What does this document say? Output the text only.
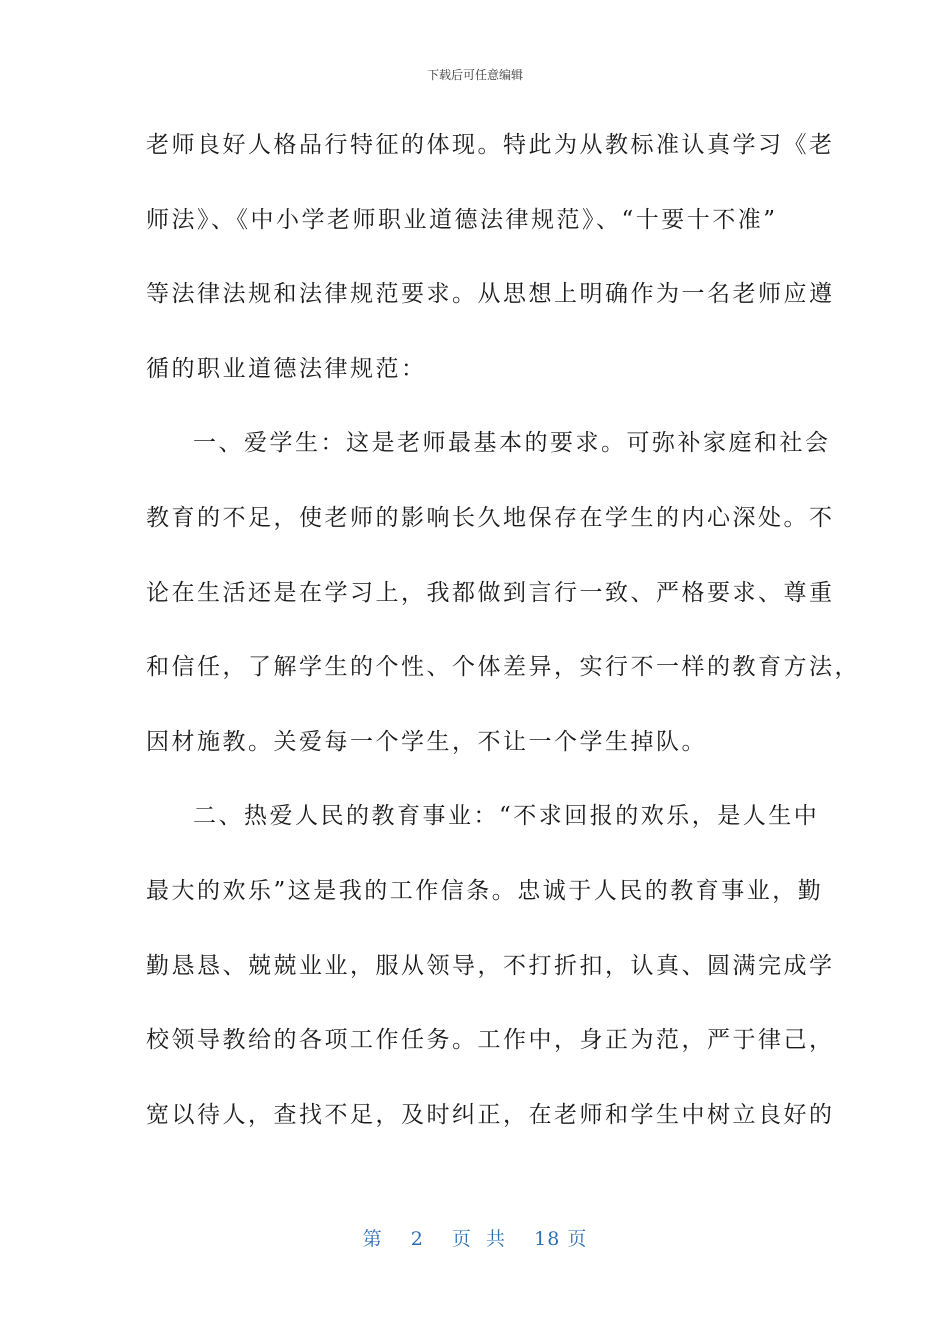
下载后可任意编辑
老师良好人格品行特征的体现。特此为从教标准认真学习《老
师法》、《中小学老师职业道德法律规范》、“十要十不准”
等法律法规和法律规范要求。从思想上明确作为一名老师应遵
循的职业道德法律规范：
一、爱学生：这是老师最基本的要求。可弥补家庭和社会
教育的不足，使老师的影响长久地保存在学生的内心深处。不
论在生活还是在学习上，我都做到言行一致、严格要求、尊重
和信任，了解学生的个性、个体差异，实行不一样的教育方法，
因材施教。关爱每一个学生，不让一个学生掉队。
二、热爱人民的教育事业：“不求回报的欢乐，是人生中
最大的欢乐”这是我的工作信条。忠诚于人民的教育事业，勤
勤恳恳、兢兢业业，服从领导，不打折扣，认真、圆满完成学
校领导教给的各项工作任务。工作中，身正为范，严于律己，
宽以待人，查找不足，及时纠正，在老师和学生中树立良好的
第 2 页  共 18 页
